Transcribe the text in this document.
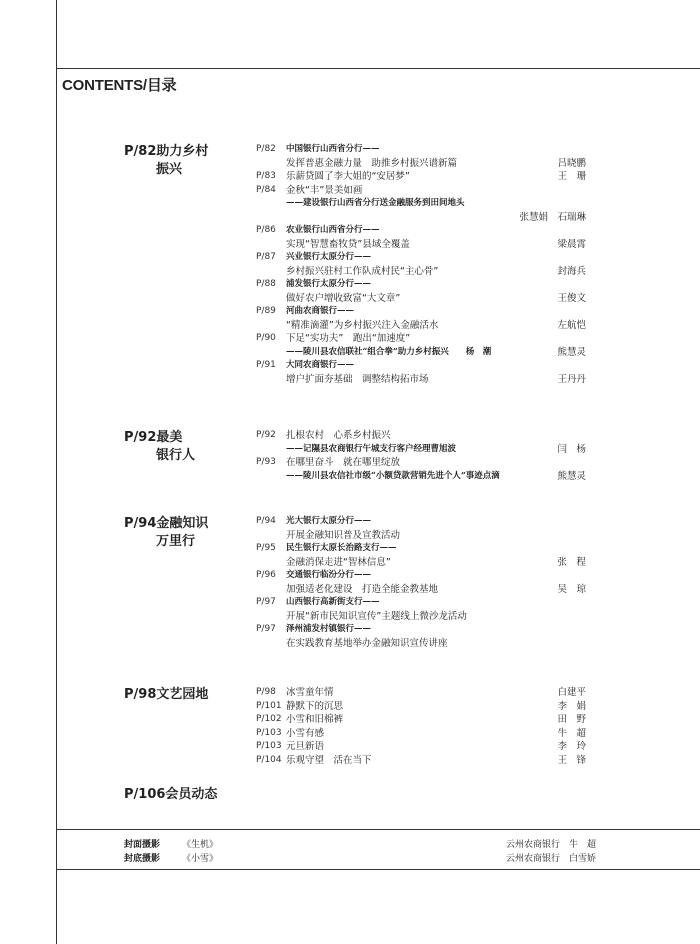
CONTENTS/目录
P/82助力乡村
振兴
P/82	中国银行山西省分行——
发挥普惠金融力量　助推乡村振兴谱新篇	吕晓鹏
P/83	乐薪贷圆了李大姐的“安居梦”	王　珊
P/84	金秋“丰”景美如画
——建设银行山西省分行送金融服务到田间地头
张慧娟　石瑞琳
P/86	农业银行山西省分行——
实现“智慧畜牧贷”县域全覆盖	梁晨霄
P/87	兴业银行太原分行——
乡村振兴驻村工作队成村民“主心骨”	封海兵
P/88	浦发银行太原分行——
做好农户增收致富“大文章”	王俊文
P/89	河曲农商银行——
“精准滴灌”为乡村振兴注入金融活水	左航恺
P/90	下足“实功夫”　跑出“加速度”
——陵川县农信联社“组合拳”助力乡村振兴　　杨　潮	熊慧灵
P/91	大同农商银行——
增户扩面夯基础　调整结构拓市场	王丹丹
P/92最美
银行人
P/92	扎根农村　心系乡村振兴
——记隰县农商银行午城支行客户经理曹旭波	闫　杨
P/93	在哪里奋斗　就在哪里绽放
——陵川县农信社市级“小额贷款营销先进个人”事迹点滴	熊慧灵
P/94金融知识
万里行
P/94	光大银行太原分行——
开展金融知识普及宣教活动
P/95	民生银行太原长治路支行——
金融消保走进“智林信息”	张　程
P/96	交通银行临汾分行——
加强适老化建设　打造全能金教基地	吴　琼
P/97	山西银行高新街支行——
开展“新市民知识宣传”主题线上微沙龙活动
P/97	泽州浦发村镇银行——
在实践教育基地举办金融知识宣传讲座
P/98文艺园地	P/98	冰雪童年情	白建平
P/101 静默下的沉思	李　娟
P/102 小雪和旧棉裤	田　野
P/103 小雪有感	牛　超
P/103 元旦新语	李　玲
P/104 乐观守望　活在当下	王　锋
P/106会员动态
封面摄影 《生机》	云州农商银行　牛　超
封底摄影 《小雪》	云州农商银行　白雪娇
